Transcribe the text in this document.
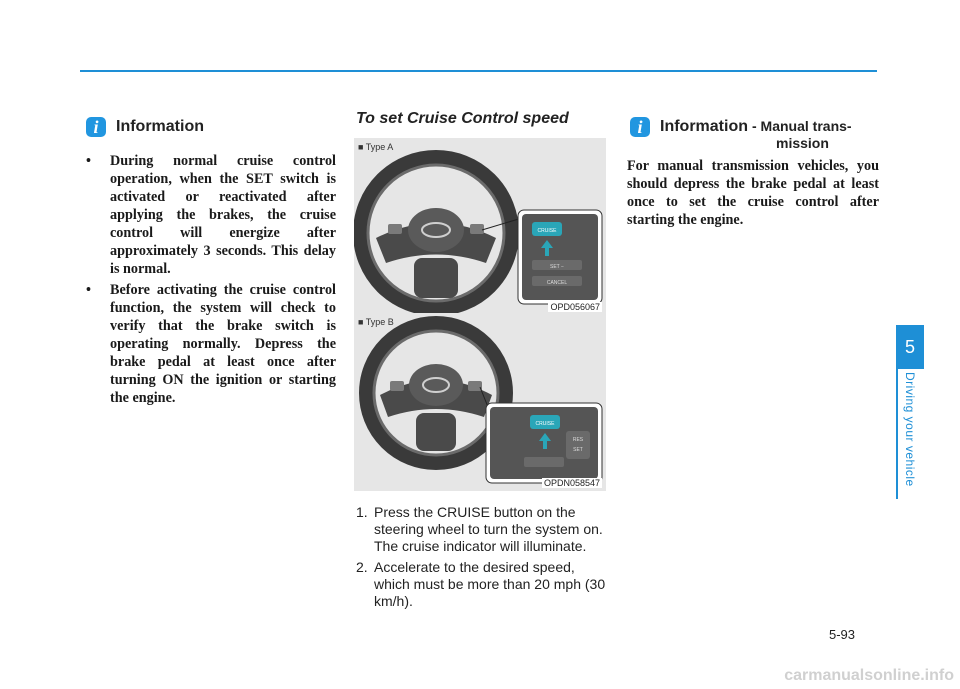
i Information
• During normal cruise control operation, when the SET switch is activated or reactivated after applying the brakes, the cruise control will energize after approximately 3 seconds. This delay is normal.
• Before activating the cruise control function, the system will check to verify that the brake switch is operating normally. Depress the brake pedal at least once after turning ON the ignition or starting the engine.
To set Cruise Control speed
CRUISE
SET −
CANCEL
■ Type A
OPD056067
CRUISE
RES
SET
■ Type B
OPDN058547
1. Press the CRUISE button on the steering wheel to turn the system on. The cruise indicator will illuminate.
2. Accelerate to the desired speed, which must be more than 20 mph (30 km/h).
i Information - Manual trans-
mission
For manual transmission vehicles, you should depress the brake pedal at least once to set the cruise control after starting the engine.
5
Driving your vehicle
5-93
carmanualsonline.info
